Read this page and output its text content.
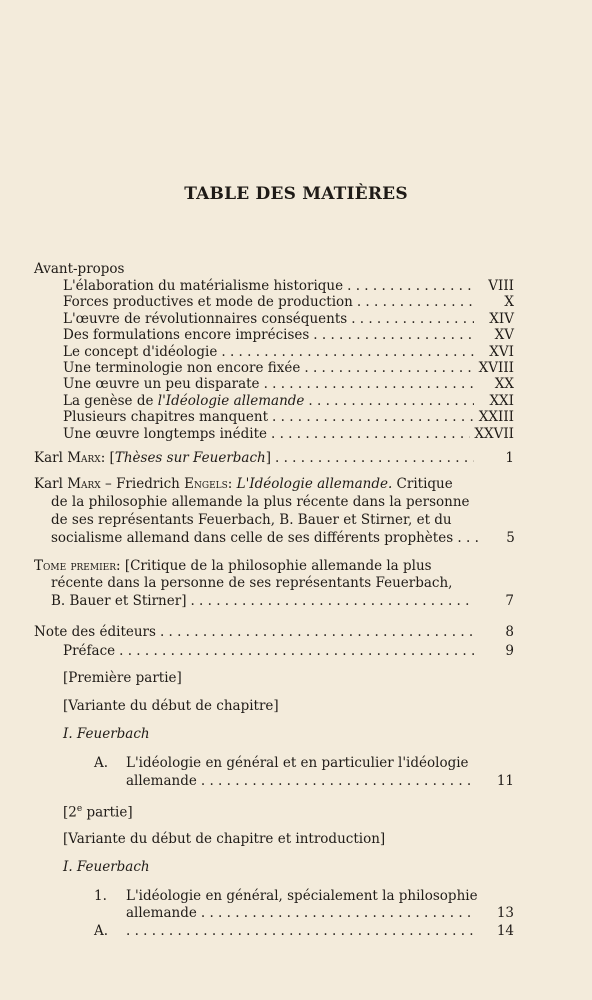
TABLE DES MATIÈRES
Avant-propos
L'élaboration du matérialisme historique . . .	VIII
Forces productives et mode de production . . .	X
L'œuvre de révolutionnaires conséquents . . .	XIV
Des formulations encore imprécises . . .	XV
Le concept d'idéologie . . .	XVI
Une terminologie non encore fixée . . .	XVIII
Une œuvre un peu disparate . . .	XX
La genèse de l'Idéologie allemande . . .	XXI
Plusieurs chapitres manquent . . .	XXIII
Une œuvre longtemps inédite . . .	XXVII
Karl Marx: [Thèses sur Feuerbach] . . .	1
Karl Marx – Friedrich Engels: L'Idéologie allemande. Critique
de la philosophie allemande la plus récente dans la personne
de ses représentants Feuerbach, B. Bauer et Stirner, et du
socialisme allemand dans celle de ses différents prophètes . . .	5
Tome premier: [Critique de la philosophie allemande la plus
récente dans la personne de ses représentants Feuerbach,
B. Bauer et Stirner] . . .	7
Note des éditeurs . . .	8
Préface . . .	9
[Première partie]
[Variante du début de chapitre]
I. Feuerbach
A.	L'idéologie en général et en particulier l'idéologie
allemande . . .	11
[2e partie]
[Variante du début de chapitre et introduction]
I. Feuerbach
1.	L'idéologie en général, spécialement la philosophie
allemande . . .	13
A. . . .	14
